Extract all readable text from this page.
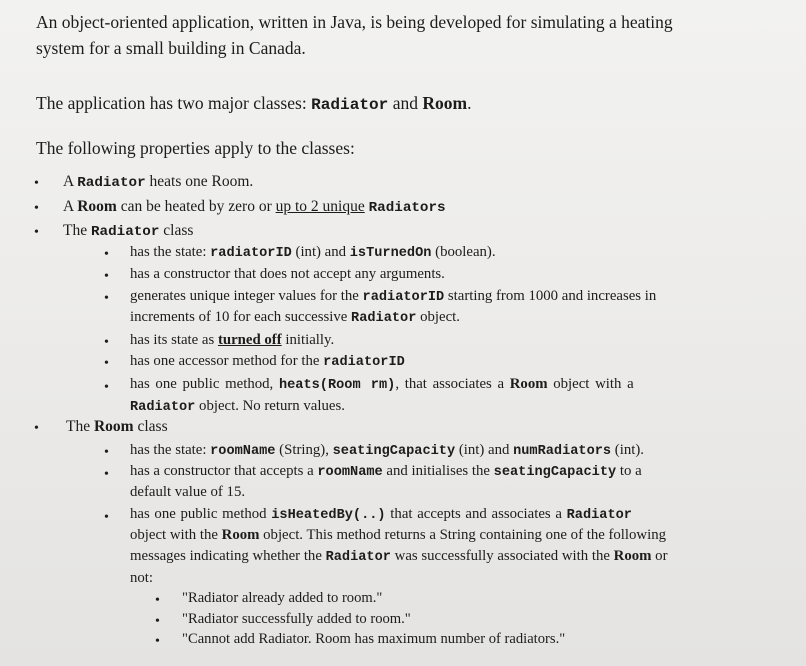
An object-oriented application, written in Java, is being developed for simulating a heating
system for a small building in Canada.
The application has two major classes: Radiator and Room.
The following properties apply to the classes:
• A Radiator heats one Room.
• A Room can be heated by zero or up to 2 unique Radiators
• The Radiator class
• has the state: radiatorID (int) and isTurnedOn (boolean).
• has a constructor that does not accept any arguments.
• generates unique integer values for the radiatorID starting from 1000 and increases in
increments of 10 for each successive Radiator object.
• has its state as turned off initially.
• has one accessor method for the radiatorID
• has one public method, heats(Room rm), that associates a Room object with a
Radiator object. No return values.
• The Room class
• has the state: roomName (String), seatingCapacity (int) and numRadiators (int).
• has a constructor that accepts a roomName and initialises the seatingCapacity to a
default value of 15.
• has one public method isHeatedBy(..) that accepts and associates a Radiator
object with the Room object. This method returns a String containing one of the following
messages indicating whether the Radiator was successfully associated with the Room or
not:
• "Radiator already added to room."
• "Radiator successfully added to room."
• "Cannot add Radiator. Room has maximum number of radiators."
